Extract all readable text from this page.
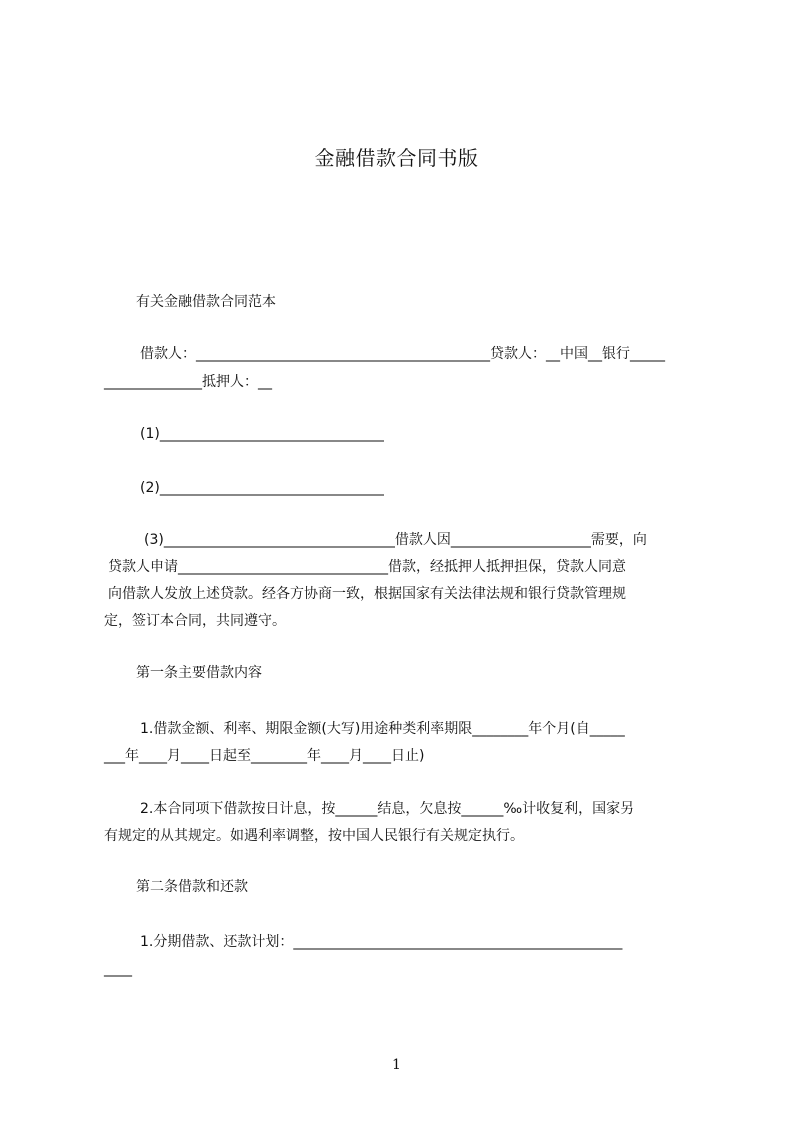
金融借款合同书版
有关金融借款合同范本
借款人：__________________________________________贷款人：__中国__银行_____
______________抵押人：__
(1)________________________________
(2)________________________________
(3)_________________________________借款人因____________________需要，向
贷款人申请______________________________借款，经抵押人抵押担保，贷款人同意
向借款人发放上述贷款。经各方协商一致，根据国家有关法律法规和银行贷款管理规
定，签订本合同，共同遵守。
第一条主要借款内容
1.借款金额、利率、期限金额(大写)用途种类利率期限________年个月(自_____
___年____月____日起至________年____月____日止)
2.本合同项下借款按日计息，按______结息，欠息按______‰计收复利，国家另
有规定的从其规定。如遇利率调整，按中国人民银行有关规定执行。
第二条借款和还款
1.分期借款、还款计划：_______________________________________________
____
1
